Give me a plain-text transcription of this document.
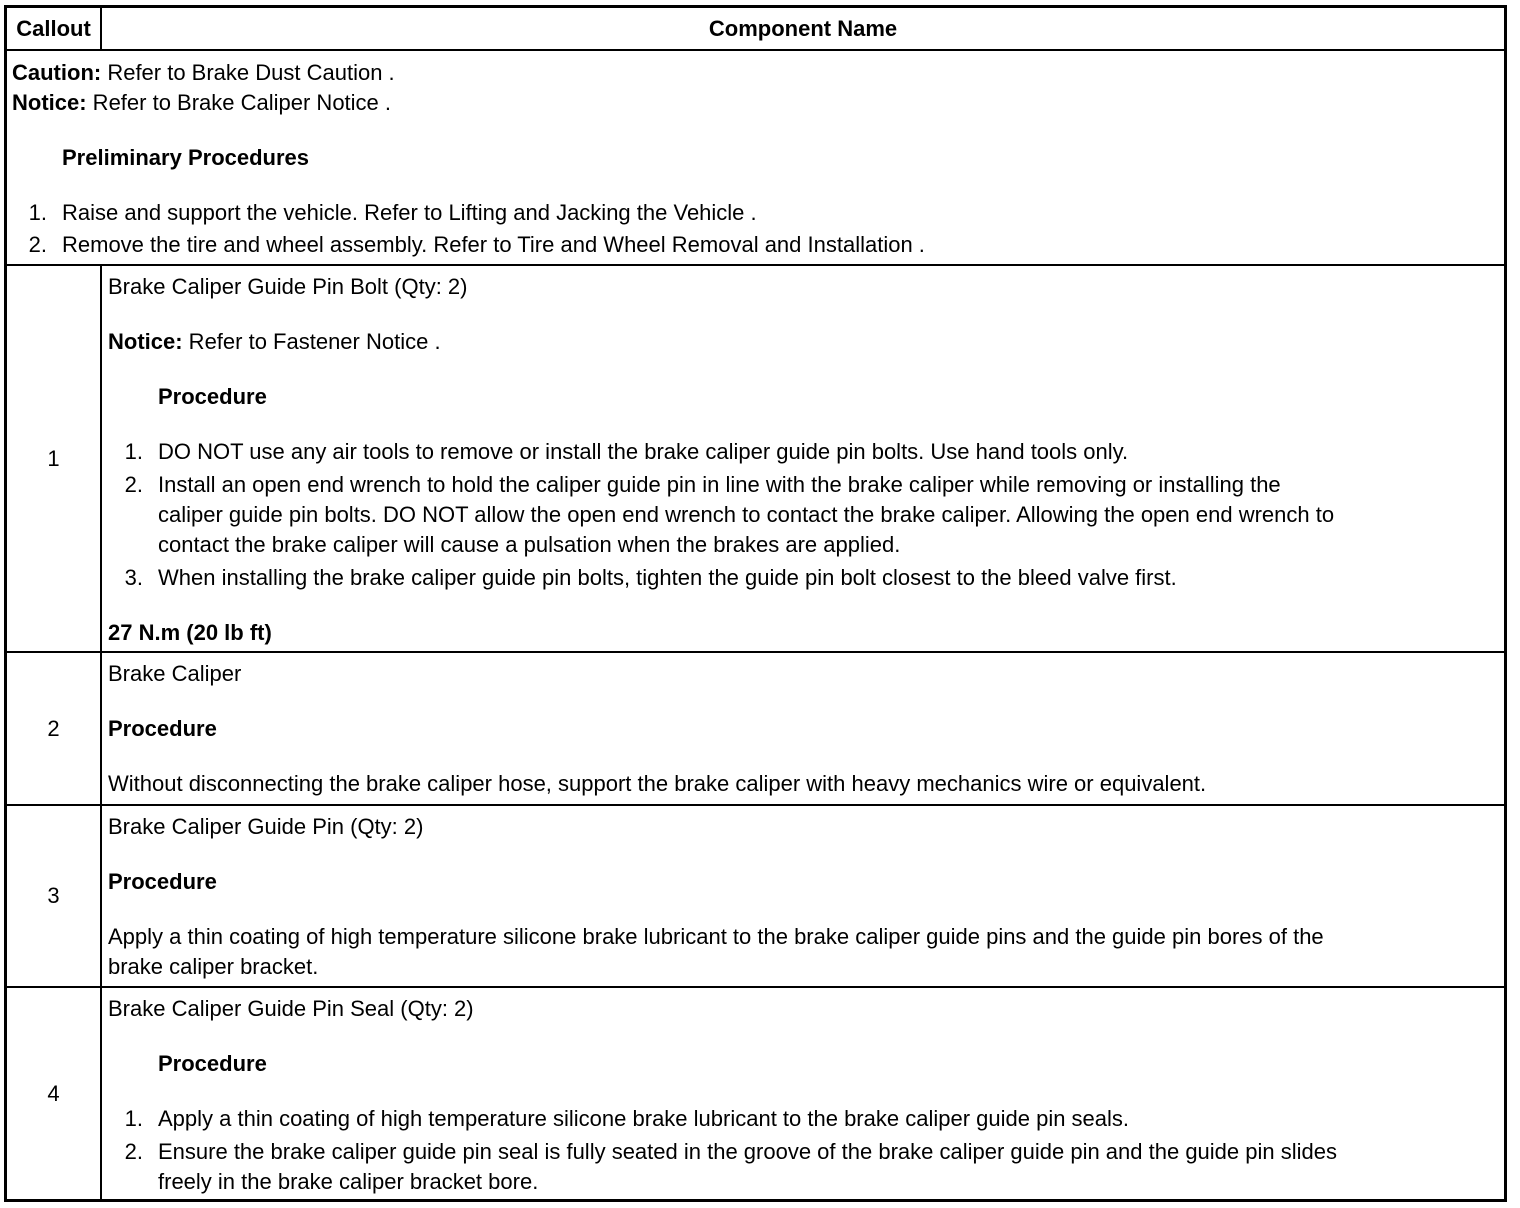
Callout	Component Name
Caution: Refer to Brake Dust Caution .
Notice: Refer to Brake Caliper Notice .
Preliminary Procedures
1. Raise and support the vehicle. Refer to Lifting and Jacking the Vehicle .
2. Remove the tire and wheel assembly. Refer to Tire and Wheel Removal and Installation .
1
Brake Caliper Guide Pin Bolt (Qty: 2)
Notice: Refer to Fastener Notice .
Procedure
1. DO NOT use any air tools to remove or install the brake caliper guide pin bolts. Use hand tools only.
2. Install an open end wrench to hold the caliper guide pin in line with the brake caliper while removing or installing the
caliper guide pin bolts. DO NOT allow the open end wrench to contact the brake caliper. Allowing the open end wrench to
contact the brake caliper will cause a pulsation when the brakes are applied.
3. When installing the brake caliper guide pin bolts, tighten the guide pin bolt closest to the bleed valve first.
27 N.m (20 lb ft)
2
Brake Caliper
Procedure
Without disconnecting the brake caliper hose, support the brake caliper with heavy mechanics wire or equivalent.
3
Brake Caliper Guide Pin (Qty: 2)
Procedure
Apply a thin coating of high temperature silicone brake lubricant to the brake caliper guide pins and the guide pin bores of the
brake caliper bracket.
4
Brake Caliper Guide Pin Seal (Qty: 2)
Procedure
1. Apply a thin coating of high temperature silicone brake lubricant to the brake caliper guide pin seals.
2. Ensure the brake caliper guide pin seal is fully seated in the groove of the brake caliper guide pin and the guide pin slides
freely in the brake caliper bracket bore.
